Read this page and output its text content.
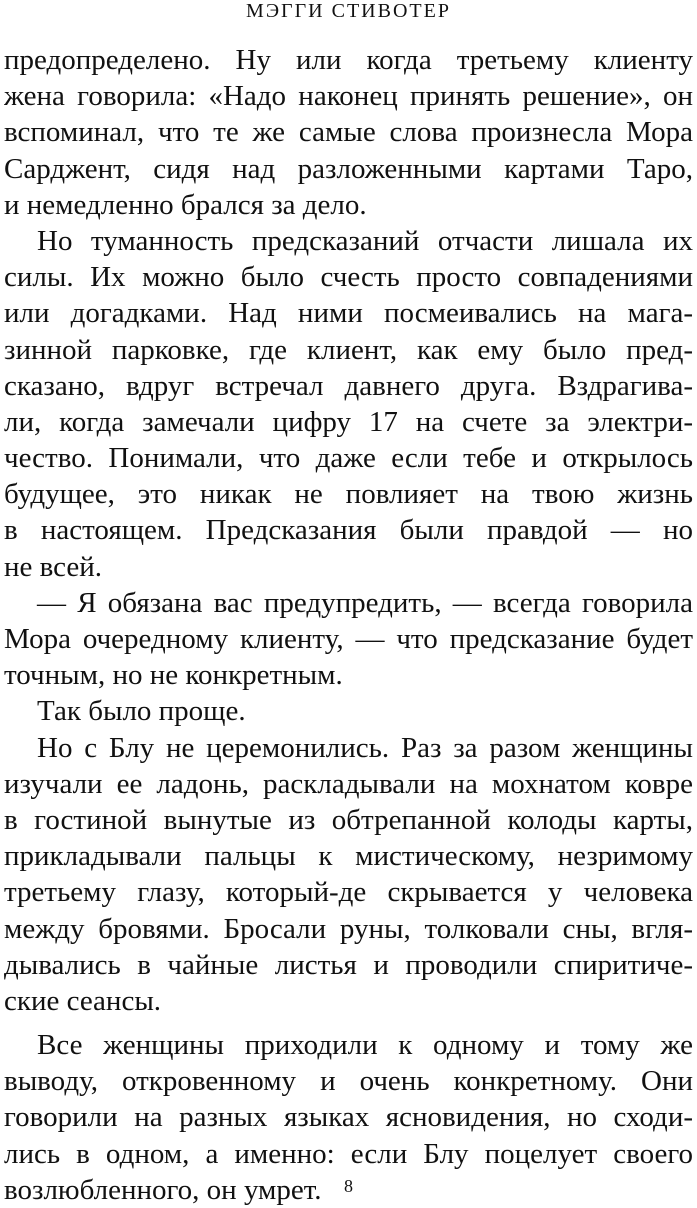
МЭГГИ СТИВОТЕР
предопределено. Ну или когда третьему клиенту
жена говорила: «Надо наконец принять решение», он
вспоминал, что те же самые слова произнесла Мора
Сарджент, сидя над разложенными картами Таро,
и немедленно брался за дело.
Но туманность предсказаний отчасти лишала их
силы. Их можно было счесть просто совпадениями
или догадками. Над ними посмеивались на мага-
зинной парковке, где клиент, как ему было пред-
сказано, вдруг встречал давнего друга. Вздрагива-
ли, когда замечали цифру 17 на счете за электри-
чество. Понимали, что даже если тебе и открылось
будущее, это никак не повлияет на твою жизнь
в настоящем. Предсказания были правдой — но
не всей.
— Я обязана вас предупредить, — всегда говорила
Мора очередному клиенту, — что предсказание будет
точным, но не конкретным.
Так было проще.
Но с Блу не церемонились. Раз за разом женщины
изучали ее ладонь, раскладывали на мохнатом ковре
в гостиной вынутые из обтрепанной колоды карты,
прикладывали пальцы к мистическому, незримому
третьему глазу, который-де скрывается у человека
между бровями. Бросали руны, толковали сны, вгля-
дывались в чайные листья и проводили спиритиче-
ские сеансы.
Все женщины приходили к одному и тому же
выводу, откровенному и очень конкретному. Они
говорили на разных языках ясновидения, но сходи-
лись в одном, а именно: если Блу поцелует своего
возлюбленного, он умрет.	8
